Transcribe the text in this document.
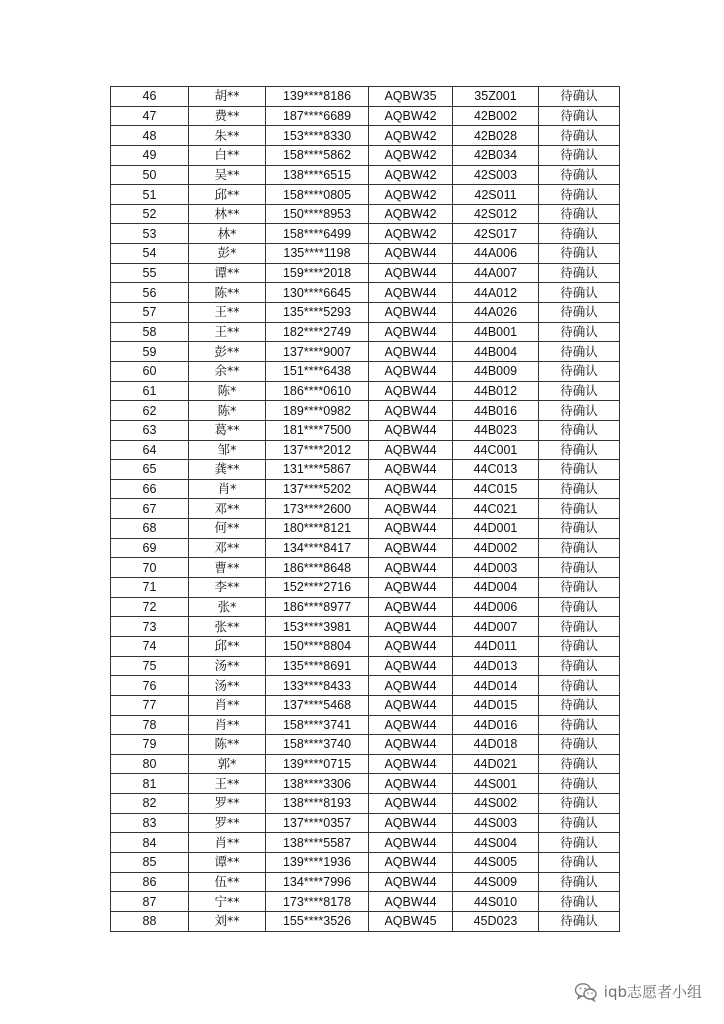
46	胡**	139****8186	AQBW35	35Z001	待确认
47	费**	187****6689	AQBW42	42B002	待确认
48	朱**	153****8330	AQBW42	42B028	待确认
49	白**	158****5862	AQBW42	42B034	待确认
50	吴**	138****6515	AQBW42	42S003	待确认
51	邱**	158****0805	AQBW42	42S011	待确认
52	林**	150****8953	AQBW42	42S012	待确认
53	林*	158****6499	AQBW42	42S017	待确认
54	彭*	135****1198	AQBW44	44A006	待确认
55	谭**	159****2018	AQBW44	44A007	待确认
56	陈**	130****6645	AQBW44	44A012	待确认
57	王**	135****5293	AQBW44	44A026	待确认
58	王**	182****2749	AQBW44	44B001	待确认
59	彭**	137****9007	AQBW44	44B004	待确认
60	余**	151****6438	AQBW44	44B009	待确认
61	陈*	186****0610	AQBW44	44B012	待确认
62	陈*	189****0982	AQBW44	44B016	待确认
63	葛**	181****7500	AQBW44	44B023	待确认
64	邹*	137****2012	AQBW44	44C001	待确认
65	龚**	131****5867	AQBW44	44C013	待确认
66	肖*	137****5202	AQBW44	44C015	待确认
67	邓**	173****2600	AQBW44	44C021	待确认
68	何**	180****8121	AQBW44	44D001	待确认
69	邓**	134****8417	AQBW44	44D002	待确认
70	曹**	186****8648	AQBW44	44D003	待确认
71	李**	152****2716	AQBW44	44D004	待确认
72	张*	186****8977	AQBW44	44D006	待确认
73	张**	153****3981	AQBW44	44D007	待确认
74	邱**	150****8804	AQBW44	44D011	待确认
75	汤**	135****8691	AQBW44	44D013	待确认
76	汤**	133****8433	AQBW44	44D014	待确认
77	肖**	137****5468	AQBW44	44D015	待确认
78	肖**	158****3741	AQBW44	44D016	待确认
79	陈**	158****3740	AQBW44	44D018	待确认
80	郭*	139****0715	AQBW44	44D021	待确认
81	王**	138****3306	AQBW44	44S001	待确认
82	罗**	138****8193	AQBW44	44S002	待确认
83	罗**	137****0357	AQBW44	44S003	待确认
84	肖**	138****5587	AQBW44	44S004	待确认
85	谭**	139****1936	AQBW44	44S005	待确认
86	伍**	134****7996	AQBW44	44S009	待确认
87	宁**	173****8178	AQBW44	44S010	待确认
88	刘**	155****3526	AQBW45	45D023	待确认
iqb志愿者小组
